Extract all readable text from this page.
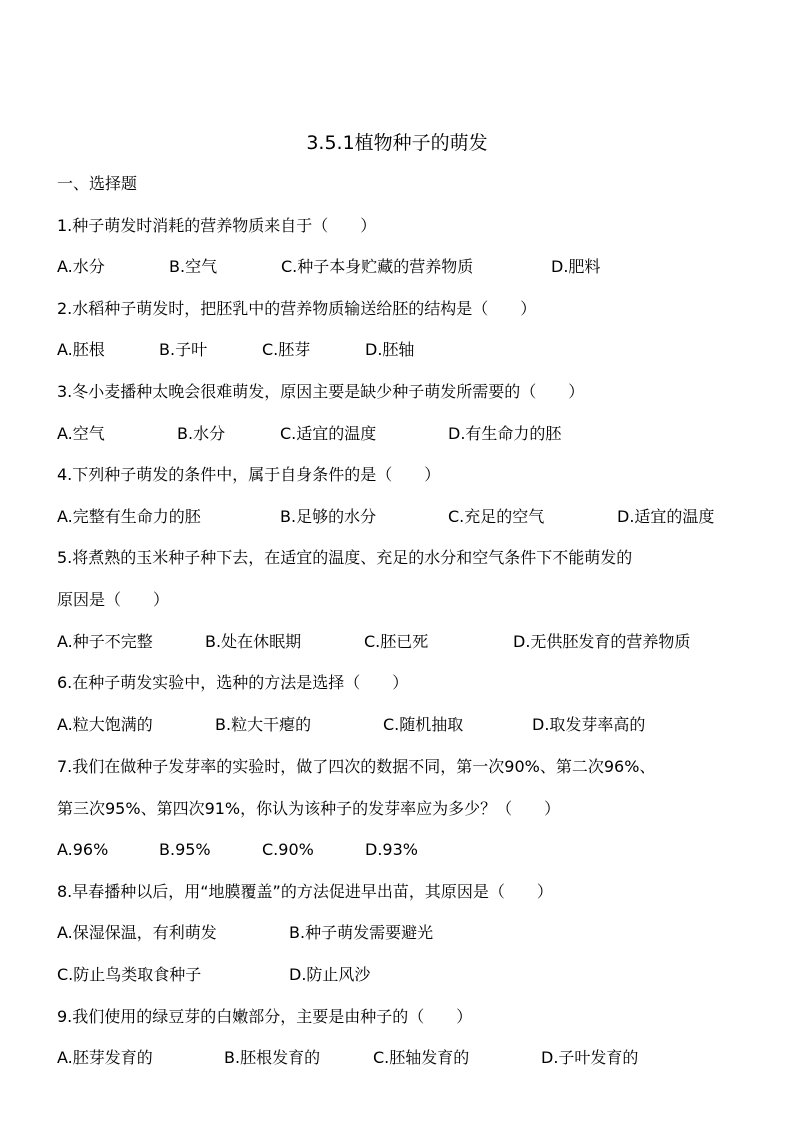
3.5.1植物种子的萌发
一、选择题
1.种子萌发时消耗的营养物质来自于（　　）
A.水分	B.空气	C.种子本身贮藏的营养物质	D.肥料
2.水稻种子萌发时，把胚乳中的营养物质输送给胚的结构是（　　）
A.胚根	B.子叶	C.胚芽	D.胚轴
3.冬小麦播种太晚会很难萌发，原因主要是缺少种子萌发所需要的（　　）
A.空气	B.水分	C.适宜的温度	D.有生命力的胚
4.下列种子萌发的条件中，属于自身条件的是（　　）
A.完整有生命力的胚	B.足够的水分	C.充足的空气	D.适宜的温度
5.将煮熟的玉米种子种下去，在适宜的温度、充足的水分和空气条件下不能萌发的
原因是（　　）
A.种子不完整	B.处在休眠期	C.胚已死	D.无供胚发育的营养物质
6.在种子萌发实验中，选种的方法是选择（　　）
A.粒大饱满的	B.粒大干瘪的	C.随机抽取	D.取发芽率高的
7.我们在做种子发芽率的实验时，做了四次的数据不同，第一次90%、第二次96%、
第三次95%、第四次91%，你认为该种子的发芽率应为多少？（　　）
A.96%	B.95%	C.90%	D.93%
8.早春播种以后，用“地膜覆盖”的方法促进早出苗，其原因是（　　）
A.保湿保温，有利萌发	B.种子萌发需要避光
C.防止鸟类取食种子	D.防止风沙
9.我们使用的绿豆芽的白嫩部分，主要是由种子的（　　）
A.胚芽发育的	B.胚根发育的	C.胚轴发育的	D.子叶发育的
